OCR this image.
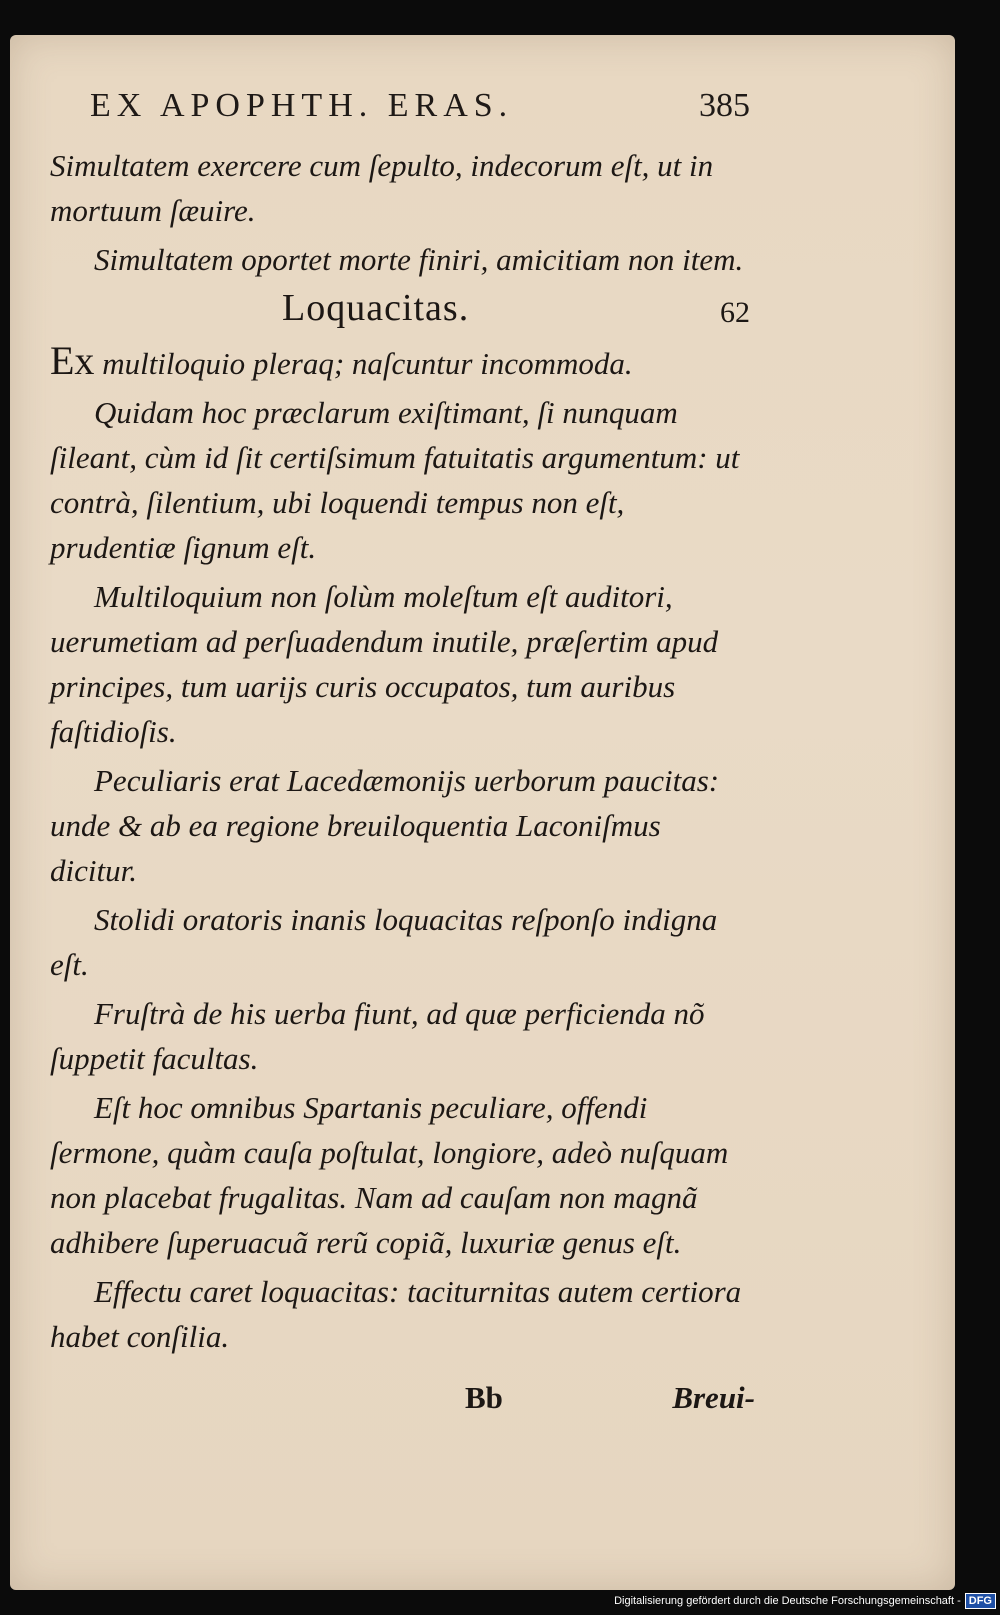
EX APOPHTH. ERAS.	385

Simultatem exercere cum ſepulto, indecorum eſt, ut in mortuum ſæuire.

Simultatem oportet morte finiri, amicitiam non item.

Loquacitas.	62

Ex multiloquio pleraq; naſcuntur incommoda.

Quidam hoc præclarum exiſtimant, ſi nunquam ſileant, cùm id ſit certiſsimum fatuitatis argumentum: ut contrà, ſilentium, ubi loquendi tempus non eſt, prudentiæ ſignum eſt.

Multiloquium non ſolùm moleſtum eſt auditori, uerumetiam ad perſuadendum inutile, præſertim apud principes, tum uarijs curis occupatos, tum auribus faſtidioſis.

Peculiaris erat Lacedæmonijs uerborum paucitas: unde & ab ea regione breuiloquentia Laconiſmus dicitur.

Stolidi oratoris inanis loquacitas reſponſo indigna eſt.

Fruſtrà de his uerba fiunt, ad quæ perficienda nõ ſuppetit facultas.

Eſt hoc omnibus Spartanis peculiare, offendi ſermone, quàm cauſa poſtulat, longiore, adeò nuſquam non placebat frugalitas. Nam ad cauſam non magnã adhibere ſuperuacuã rerũ copiã, luxuriæ genus eſt.

Effectu caret loquacitas: taciturnitas autem certiora habet conſilia.

Bb	Breui-
Digitalisierung gefördert durch die Deutsche Forschungsgemeinschaft - DFG
